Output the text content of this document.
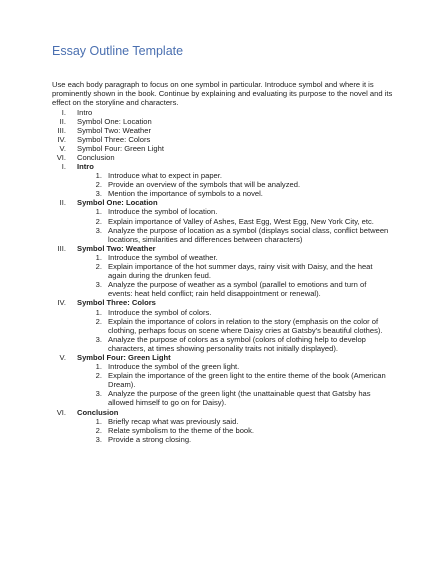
Essay Outline Template
Use each body paragraph to focus on one symbol in particular. Introduce symbol and where it is prominently shown in the book. Continue by explaining and evaluating its purpose to the novel and its effect on the storyline and characters.
I. Intro
II. Symbol One: Location
III. Symbol Two: Weather
IV. Symbol Three: Colors
V. Symbol Four: Green Light
VI. Conclusion
I. Intro
1. Introduce what to expect in paper.
2. Provide an overview of the symbols that will be analyzed.
3. Mention the importance of symbols to a novel.
II. Symbol One: Location
1. Introduce the symbol of location.
2. Explain importance of Valley of Ashes, East Egg, West Egg, New York City, etc.
3. Analyze the purpose of location as a symbol (displays social class, conflict between locations, similarities and differences between characters)
III. Symbol Two: Weather
1. Introduce the symbol of weather.
2. Explain importance of the hot summer days, rainy visit with Daisy, and the heat again during the drunken feud.
3. Analyze the purpose of weather as a symbol (parallel to emotions and turn of events: heat held conflict; rain held disappointment or renewal).
IV. Symbol Three: Colors
1. Introduce the symbol of colors.
2. Explain the importance of colors in relation to the story (emphasis on the color of clothing, perhaps focus on scene where Daisy cries at Gatsby's beautiful clothes).
3. Analyze the purpose of colors as a symbol (colors of clothing help to develop characters, at times showing personality traits not initially displayed).
V. Symbol Four: Green Light
1. Introduce the symbol of the green light.
2. Explain the importance of the green light to the entire theme of the book (American Dream).
3. Analyze the purpose of the green light (the unattainable quest that Gatsby has allowed himself to go on for Daisy).
VI. Conclusion
1. Briefly recap what was previously said.
2. Relate symbolism to the theme of the book.
3. Provide a strong closing.
